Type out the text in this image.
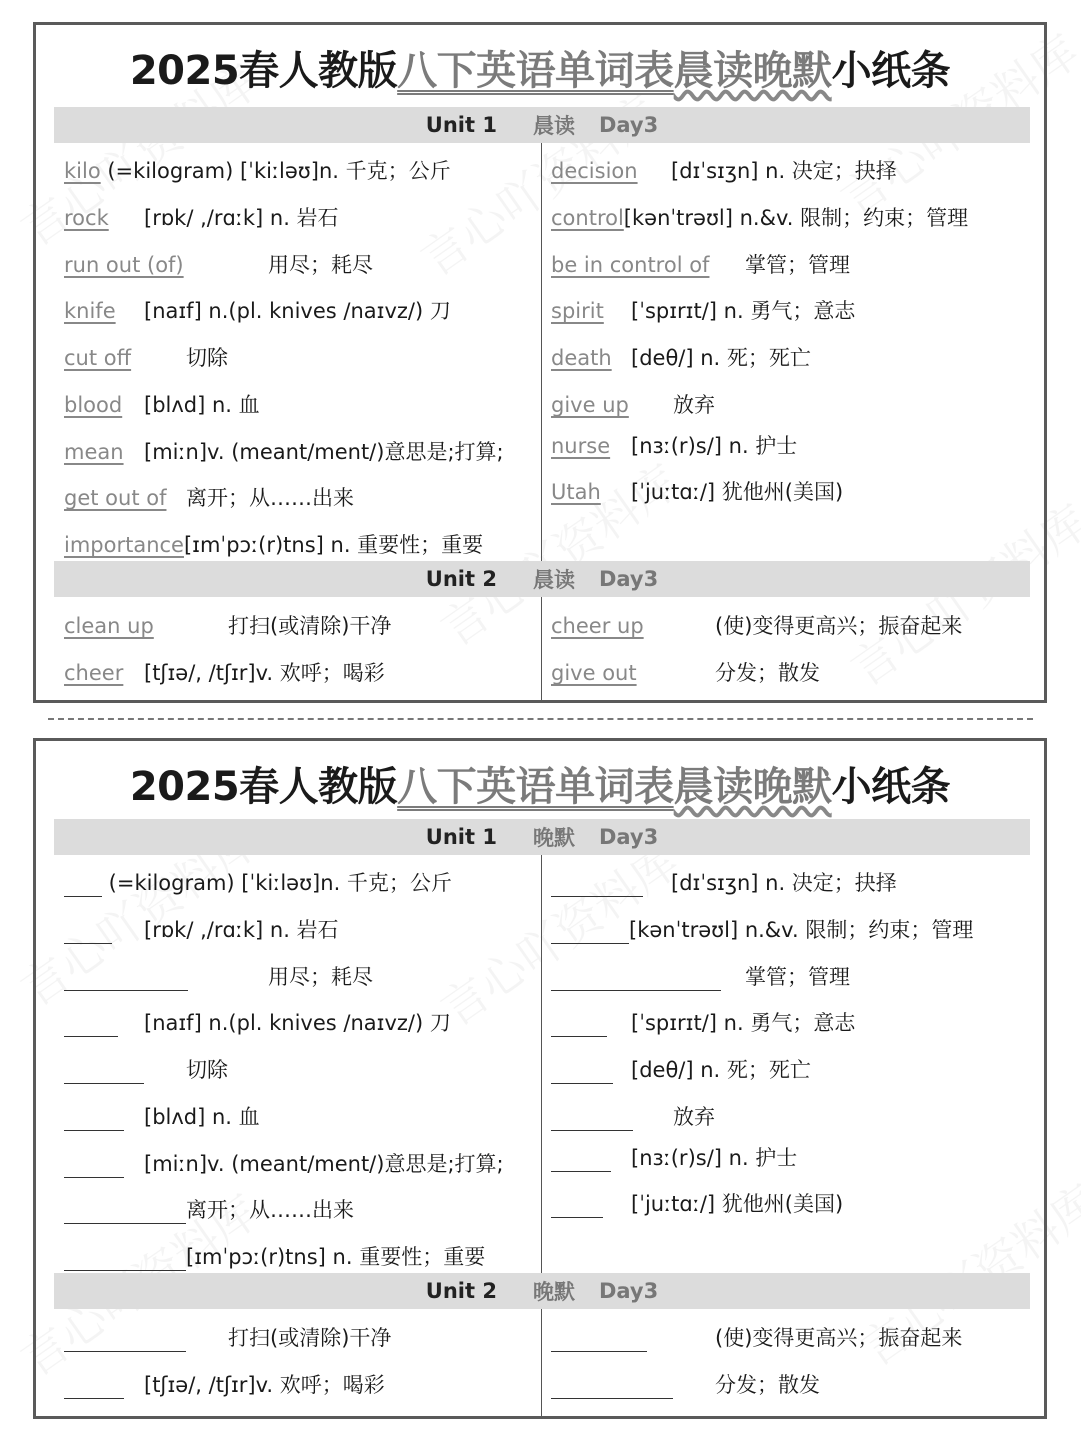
2025春人教版八下英语单词表晨读晚默小纸条
Unit 1 晨读 Day3
kilo (=kilogram) [ˈkiːləʊ]n. 千克；公斤
rock [rɒk/ ,/rɑːk] n. 岩石
run out (of)	用尽；耗尽
knife [naɪf] n.(pl. knives /naɪvz/) 刀
cut off	切除
blood [blʌd] n. 血
mean [miːn]v. (meant/ment/)意思是;打算;
get out of 离开；从……出来
importance[ɪmˈpɔː(r)tns] n. 重要性；重要
decision [dɪˈsɪʒn] n. 决定；抉择
control[kənˈtrəʊl] n.&v. 限制；约束；管理
be in control of 掌管；管理
spirit [ˈspɪrɪt/] n. 勇气；意志
death [deθ/] n. 死；死亡
give up 放弃
nurse [nɜː(r)s/] n. 护士
Utah [ˈjuːtɑː/] 犹他州(美国)
Unit 2 晨读 Day3
clean up	打扫(或清除)干净
cheer [tʃɪə/, /tʃɪr]v. 欢呼；喝彩
cheer up	(使)变得更高兴；振奋起来
give out	分发；散发
2025春人教版八下英语单词表晨读晚默小纸条
Unit 1 晚默 Day3
(=kilogram) [ˈkiːləʊ]n. 千克；公斤
[rɒk/ ,/rɑːk] n. 岩石
用尽；耗尽
[naɪf] n.(pl. knives /naɪvz/) 刀
切除
[blʌd] n. 血
[miːn]v. (meant/ment/)意思是;打算;
离开；从……出来
[ɪmˈpɔː(r)tns] n. 重要性；重要
[dɪˈsɪʒn] n. 决定；抉择
[kənˈtrəʊl] n.&v. 限制；约束；管理
掌管；管理
[ˈspɪrɪt/] n. 勇气；意志
[deθ/] n. 死；死亡
放弃
[nɜː(r)s/] n. 护士
[ˈjuːtɑː/] 犹他州(美国)
Unit 2 晚默 Day3
打扫(或清除)干净
[tʃɪə/, /tʃɪr]v. 欢呼；喝彩
(使)变得更高兴；振奋起来
分发；散发
